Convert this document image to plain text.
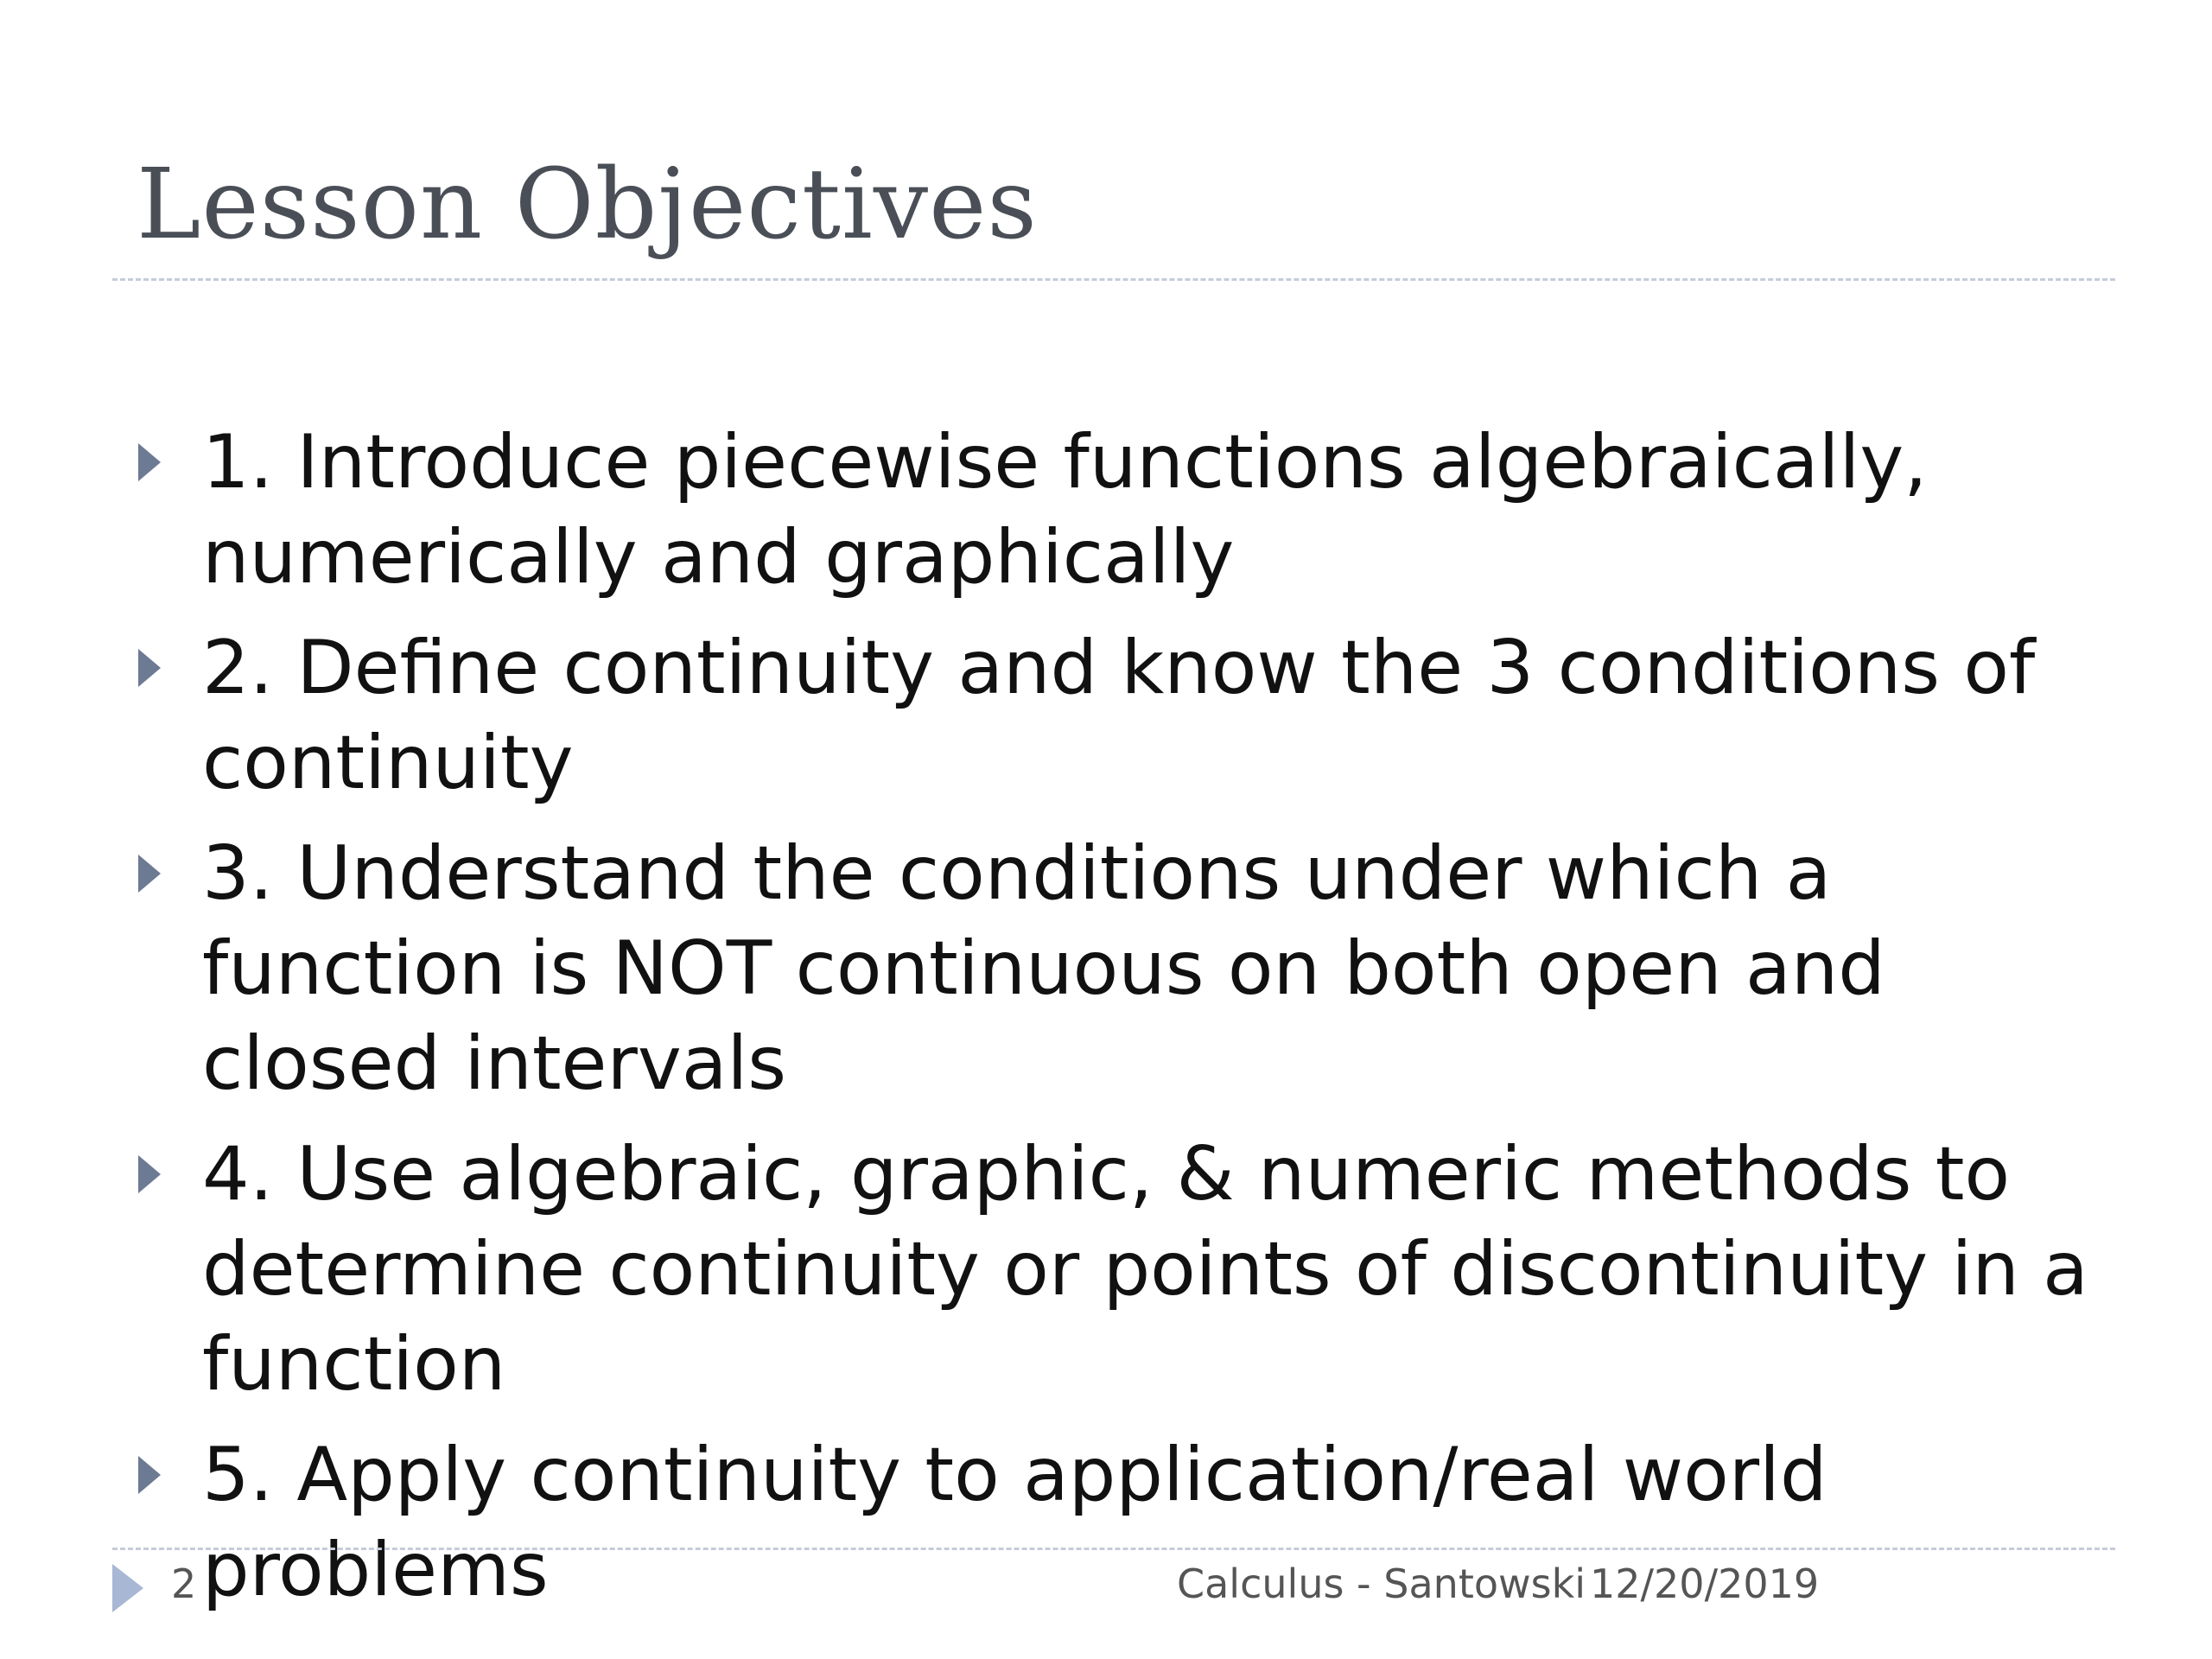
Lesson Objectives
1. Introduce piecewise functions algebraically, numerically and graphically
2. Define continuity and know the 3 conditions of continuity
3. Understand the conditions under which a function is NOT continuous on both open and closed intervals
4. Use algebraic, graphic, & numeric methods to determine continuity or points of discontinuity in a function
5. Apply continuity to application/real world problems
2	Calculus - Santowski 12/20/2019
